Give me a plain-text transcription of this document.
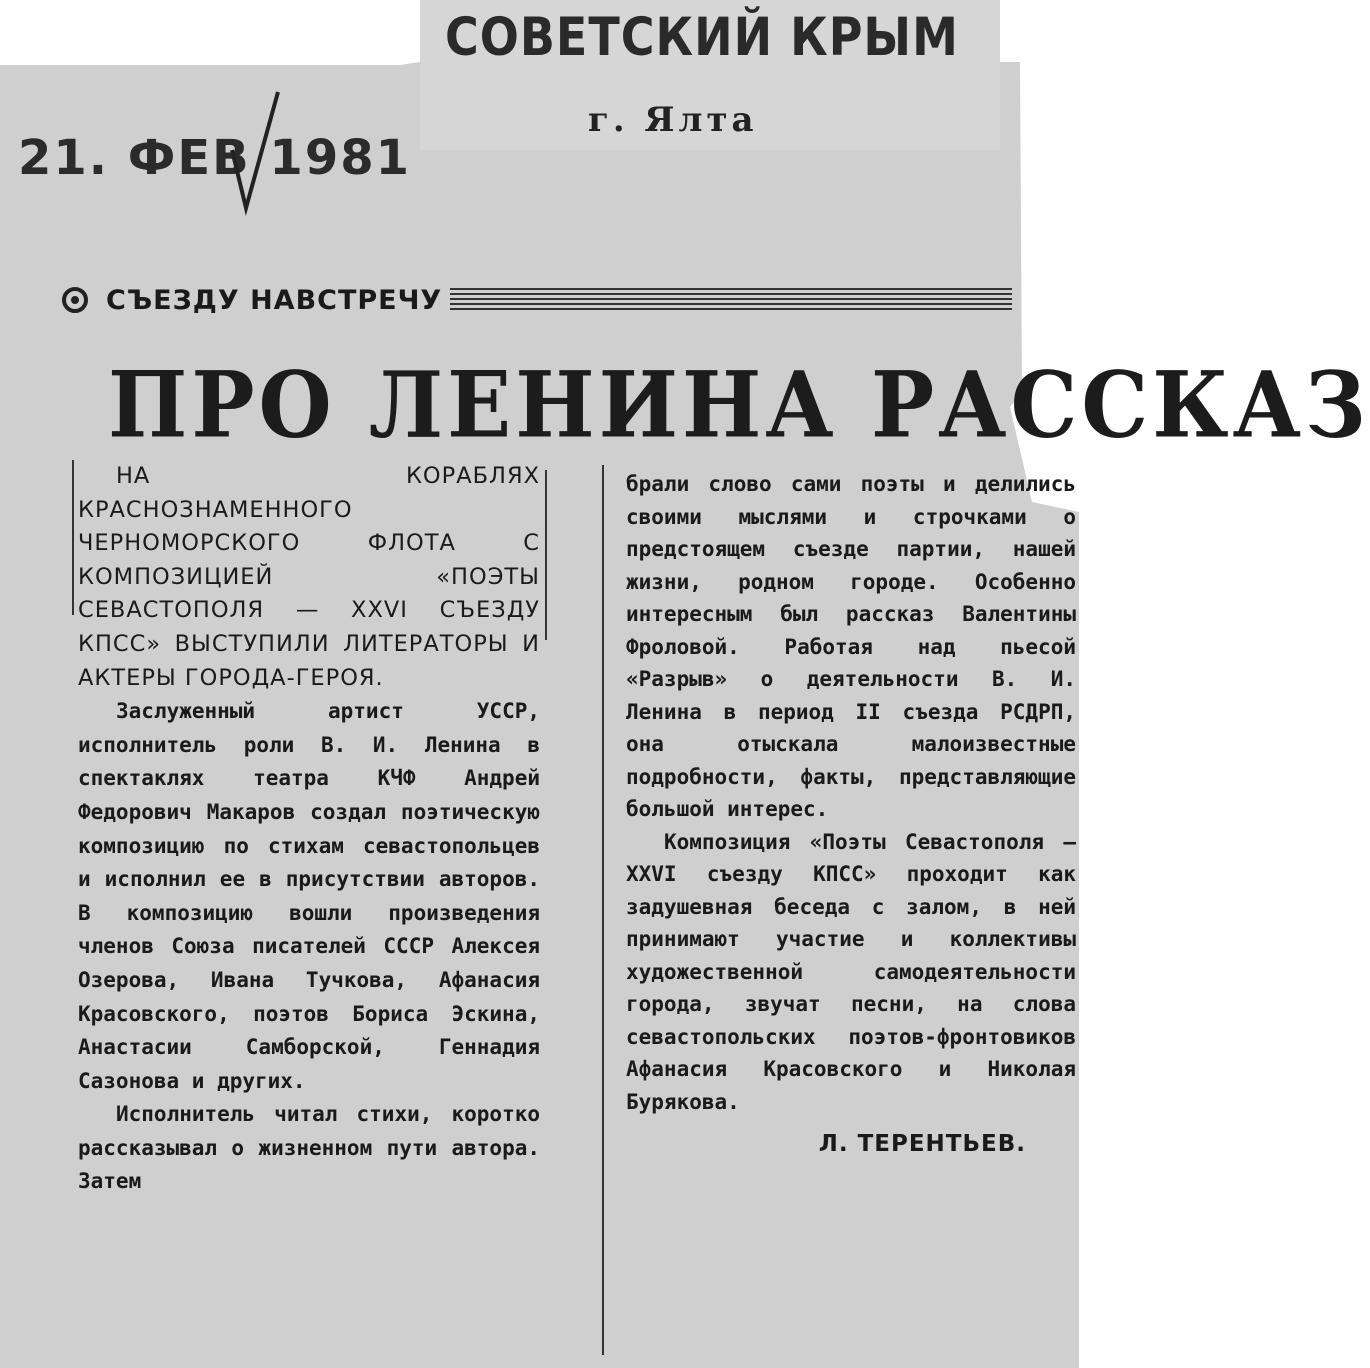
СОВЕТСКИЙ КРЫМ
г. Ялта
21. ФЕВ 1981
СЪЕЗДУ НАВСТРЕЧУ
ПРО ЛЕНИНА РАССКАЗ

НА КОРАБЛЯХ КРАСНОЗНАМЕННОГО ЧЕРНОМОРСКОГО ФЛОТА С КОМПОЗИЦИЕЙ «ПОЭТЫ СЕВАСТОПОЛЯ — XXVI СЪЕЗДУ КПСС» ВЫСТУПИЛИ ЛИТЕРАТОРЫ И АКТЕРЫ ГОРОДА-ГЕРОЯ.

Заслуженный артист УССР, исполнитель роли В. И. Ленина в спектаклях театра КЧФ Андрей Федорович Макаров создал поэтическую композицию по стихам севастопольцев и исполнил ее в присутствии авторов. В композицию вошли произведения членов Союза писателей СССР Алексея Озерова, Ивана Тучкова, Афанасия Красовского, поэтов Бориса Эскина, Анастасии Самборской, Геннадия Сазонова и других.

Исполнитель читал стихи, коротко рассказывал о жизненном пути автора. Затем

брали слово сами поэты и делились своими мыслями и строчками о предстоящем съезде партии, нашей жизни, родном городе. Особенно интересным был рассказ Валентины Фроловой. Работая над пьесой «Разрыв» о деятельности В. И. Ленина в период II съезда РСДРП, она отыскала малоизвестные подробности, факты, представляющие большой интерес.

Композиция «Поэты Севастополя — XXVI съезду КПСС» проходит как задушевная беседа с залом, в ней принимают участие и коллективы художественной самодеятельности города, звучат песни, на слова севастопольских поэтов-фронтовиков Афанасия Красовского и Николая Бурякова.

Л. ТЕРЕНТЬЕВ.
